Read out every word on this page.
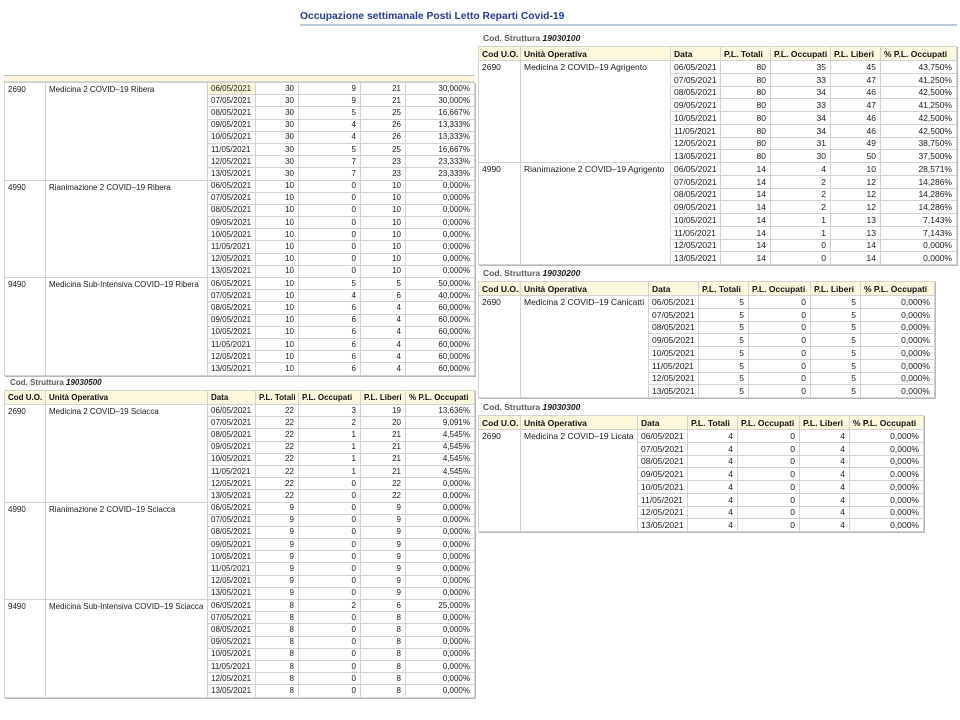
Occupazione settimanale Posti Letto Reparti Covid-19
Cod. Struttura 19030100
Cod U.O.	Unità Operativa	Data	P.L. Totali	P.L. Occupati	P.L. Liberi	% P.L. Occupati
2690	Medicina 2 COVID–19 Agrigento	06/05/2021	80	35	45	43,750%
		07/05/2021	80	33	47	41,250%
		08/05/2021	80	34	46	42,500%
		09/05/2021	80	33	47	41,250%
		10/05/2021	80	34	46	42,500%
		11/05/2021	80	34	46	42,500%
		12/05/2021	80	31	49	38,750%
		13/05/2021	80	30	50	37,500%
4990	Rianimazione 2 COVID–19 Agrigento	06/05/2021	14	4	10	28,571%
		07/05/2021	14	2	12	14,286%
		08/05/2021	14	2	12	14,286%
		09/05/2021	14	2	12	14,286%
		10/05/2021	14	1	13	7,143%
		11/05/2021	14	1	13	7,143%
		12/05/2021	14	0	14	0,000%
		13/05/2021	14	0	14	0,000%
Cod. Struttura 19030200
Cod U.O.	Unità Operativa	Data	P.L. Totali	P.L. Occupati	P.L. Liberi	% P.L. Occupati
2690	Medicina 2 COVID–19 Canicattì	06/05/2021	5	0	5	0,000%
		07/05/2021	5	0	5	0,000%
		08/05/2021	5	0	5	0,000%
		09/05/2021	5	0	5	0,000%
		10/05/2021	5	0	5	0,000%
		11/05/2021	5	0	5	0,000%
		12/05/2021	5	0	5	0,000%
		13/05/2021	5	0	5	0,000%
Cod. Struttura 19030300
Cod U.O.	Unità Operativa	Data	P.L. Totali	P.L. Occupati	P.L. Liberi	% P.L. Occupati
2690	Medicina 2 COVID–19 Licata	06/05/2021	4	0	4	0,000%
		07/05/2021	4	0	4	0,000%
		08/05/2021	4	0	4	0,000%
		09/05/2021	4	0	4	0,000%
		10/05/2021	4	0	4	0,000%
		11/05/2021	4	0	4	0,000%
		12/05/2021	4	0	4	0,000%
		13/05/2021	4	0	4	0,000%
2690	Medicina 2 COVID–19 Ribera	06/05/2021	30	9	21	30,000%
		07/05/2021	30	9	21	30,000%
		08/05/2021	30	5	25	16,667%
		09/05/2021	30	4	26	13,333%
		10/05/2021	30	4	26	13,333%
		11/05/2021	30	5	25	16,667%
		12/05/2021	30	7	23	23,333%
		13/05/2021	30	7	23	23,333%
4990	Rianimazione 2 COVID–19 Ribera	06/05/2021	10	0	10	0,000%
		07/05/2021	10	0	10	0,000%
		08/05/2021	10	0	10	0,000%
		09/05/2021	10	0	10	0,000%
		10/05/2021	10	0	10	0,000%
		11/05/2021	10	0	10	0,000%
		12/05/2021	10	0	10	0,000%
		13/05/2021	10	0	10	0,000%
9490	Medicina Sub-Intensiva COVID–19 Ribera	06/05/2021	10	5	5	50,000%
		07/05/2021	10	4	6	40,000%
		08/05/2021	10	6	4	60,000%
		09/05/2021	10	6	4	60,000%
		10/05/2021	10	6	4	60,000%
		11/05/2021	10	6	4	60,000%
		12/05/2021	10	6	4	60,000%
		13/05/2021	10	6	4	60,000%
Cod. Struttura 19030500
Cod U.O.	Unità Operativa	Data	P.L. Totali	P.L. Occupati	P.L. Liberi	% P.L. Occupati
2690	Medicina 2 COVID–19 Sciacca	06/05/2021	22	3	19	13,636%
		07/05/2021	22	2	20	9,091%
		08/05/2021	22	1	21	4,545%
		09/05/2021	22	1	21	4,545%
		10/05/2021	22	1	21	4,545%
		11/05/2021	22	1	21	4,545%
		12/05/2021	22	0	22	0,000%
		13/05/2021	22	0	22	0,000%
4990	Rianimazione 2 COVID–19 Sciacca	06/05/2021	9	0	9	0,000%
		07/05/2021	9	0	9	0,000%
		08/05/2021	9	0	9	0,000%
		09/05/2021	9	0	9	0,000%
		10/05/2021	9	0	9	0,000%
		11/05/2021	9	0	9	0,000%
		12/05/2021	9	0	9	0,000%
		13/05/2021	9	0	9	0,000%
9490	Medicina Sub-Intensiva COVID–19 Sciacca	06/05/2021	8	2	6	25,000%
		07/05/2021	8	0	8	0,000%
		08/05/2021	8	0	8	0,000%
		09/05/2021	8	0	8	0,000%
		10/05/2021	8	0	8	0,000%
		11/05/2021	8	0	8	0,000%
		12/05/2021	8	0	8	0,000%
		13/05/2021	8	0	8	0,000%
